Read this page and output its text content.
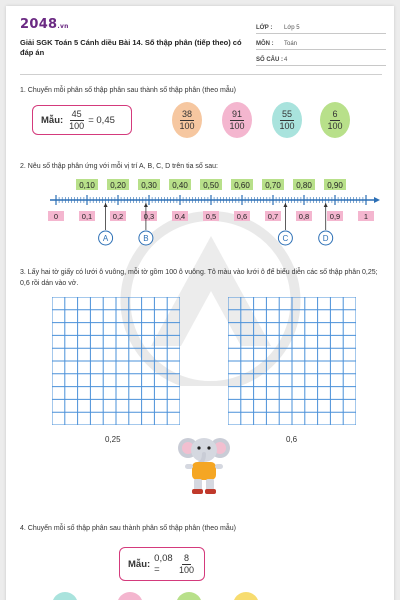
2048.vn
Giải SGK Toán 5 Cánh diều Bài 14. Số thập phân (tiếp theo) có đáp án
LỚP :	Lớp 5
MÔN :	Toán
SỐ CÂU : 4
1. Chuyển mỗi phân số thập phân sau thành số thập phân (theo mẫu)
Mẫu: $\frac{45}{100} = 0,45$	$\frac{38}{100}$	$\frac{91}{100}$	$\frac{55}{100}$	$\frac{6}{100}$
2. Nêu số thập phân ứng với mỗi vị trí A, B, C, D trên tia số sau:
0,10 0,20 0,30 0,40 0,50 0,60 0,70 0,80 0,90
0	0,1	0,2	0,3	0,4	0,5	0,6	0,7	0,8	0,9	1
A	B	C	D
3. Lấy hai tờ giấy có lưới ô vuông, mỗi tờ gồm 100 ô vuông. Tô màu vào lưới ô để biểu diễn các số thập phân 0,25; 0,6 rồi dán vào vở.
0,25	0,6
4. Chuyển mỗi số thập phân sau thành phân số thập phân (theo mẫu)
Mẫu: 0,08 =	$\frac{8}{100}$
